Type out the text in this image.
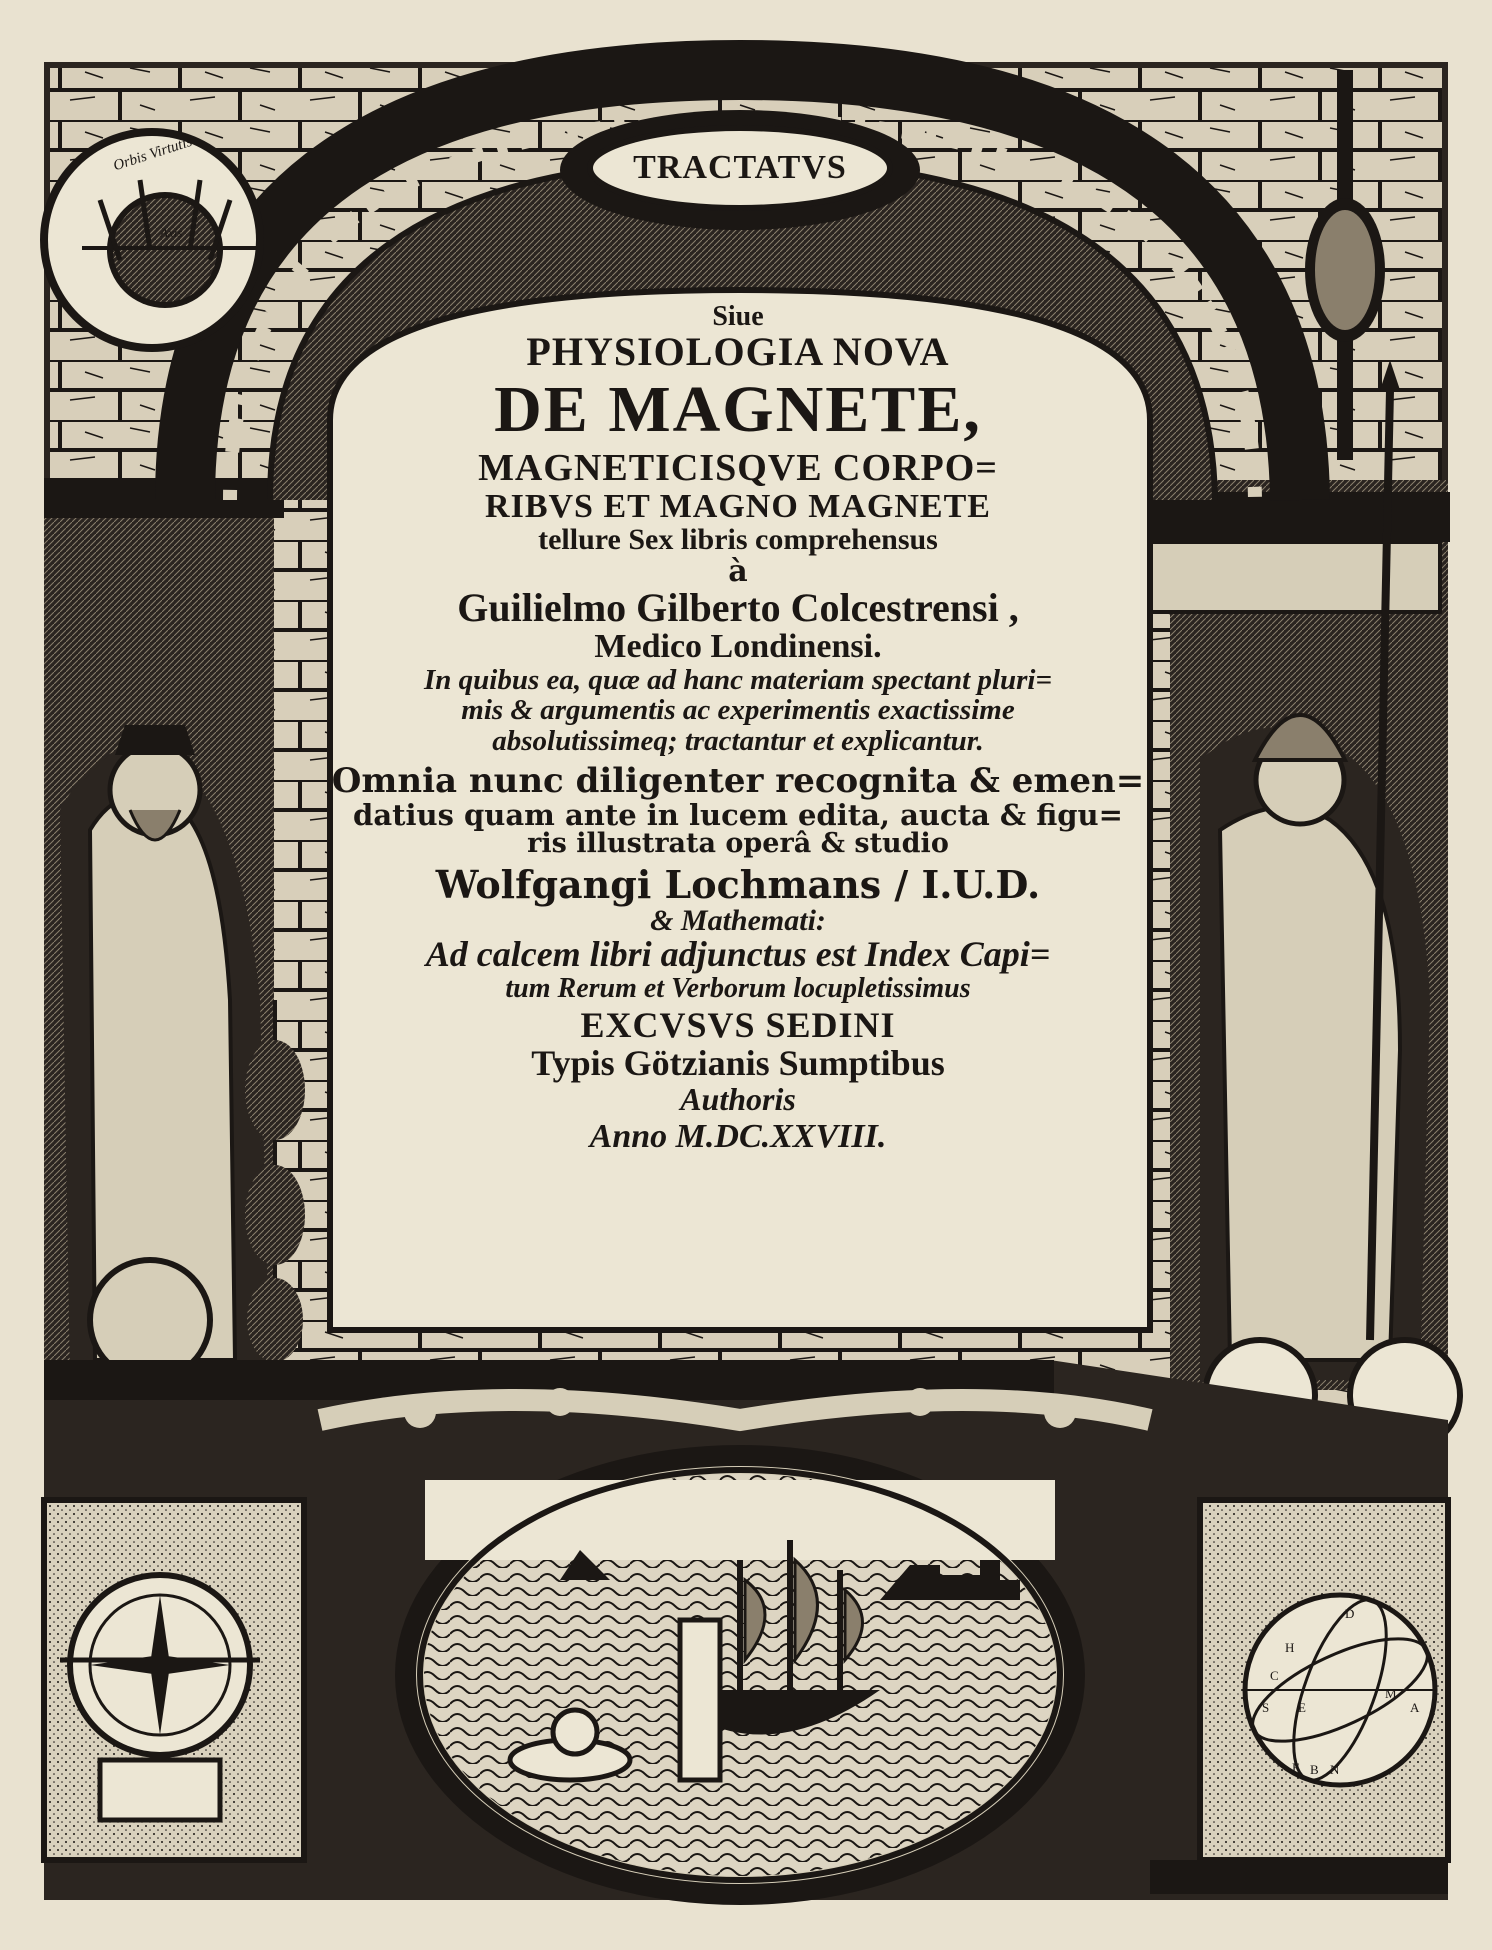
TRACTATVS
Orbis Virtutis
Axis
D
H
C
S E
M
A
F N
B
Siue
PHYSIOLOGIA NOVA
DE MAGNETE,
MAGNETICISQVE CORPO=
RIBVS ET MAGNO MAGNETE
tellure Sex libris comprehensus
à
Guilielmo Gilberto Colcestrensi ,
Medico Londinensi.
In quibus ea, quæ ad hanc materiam spectant pluri=
mis & argumentis ac experimentis exactissime
absolutissimeq; tractantur et explicantur.
Omnia nunc diligenter recognita & emen=
datius quam ante in lucem edita, aucta & figu=
ris illustrata operâ & studio
Wolfgangi Lochmans / I.U.D.
& Mathemati:
Ad calcem libri adjunctus est Index Capi=
tum Rerum et Verborum locupletissimus
EXCVSVS SEDINI
Typis Götzianis Sumptibus
Authoris
Anno M.DC.XXVIII.
